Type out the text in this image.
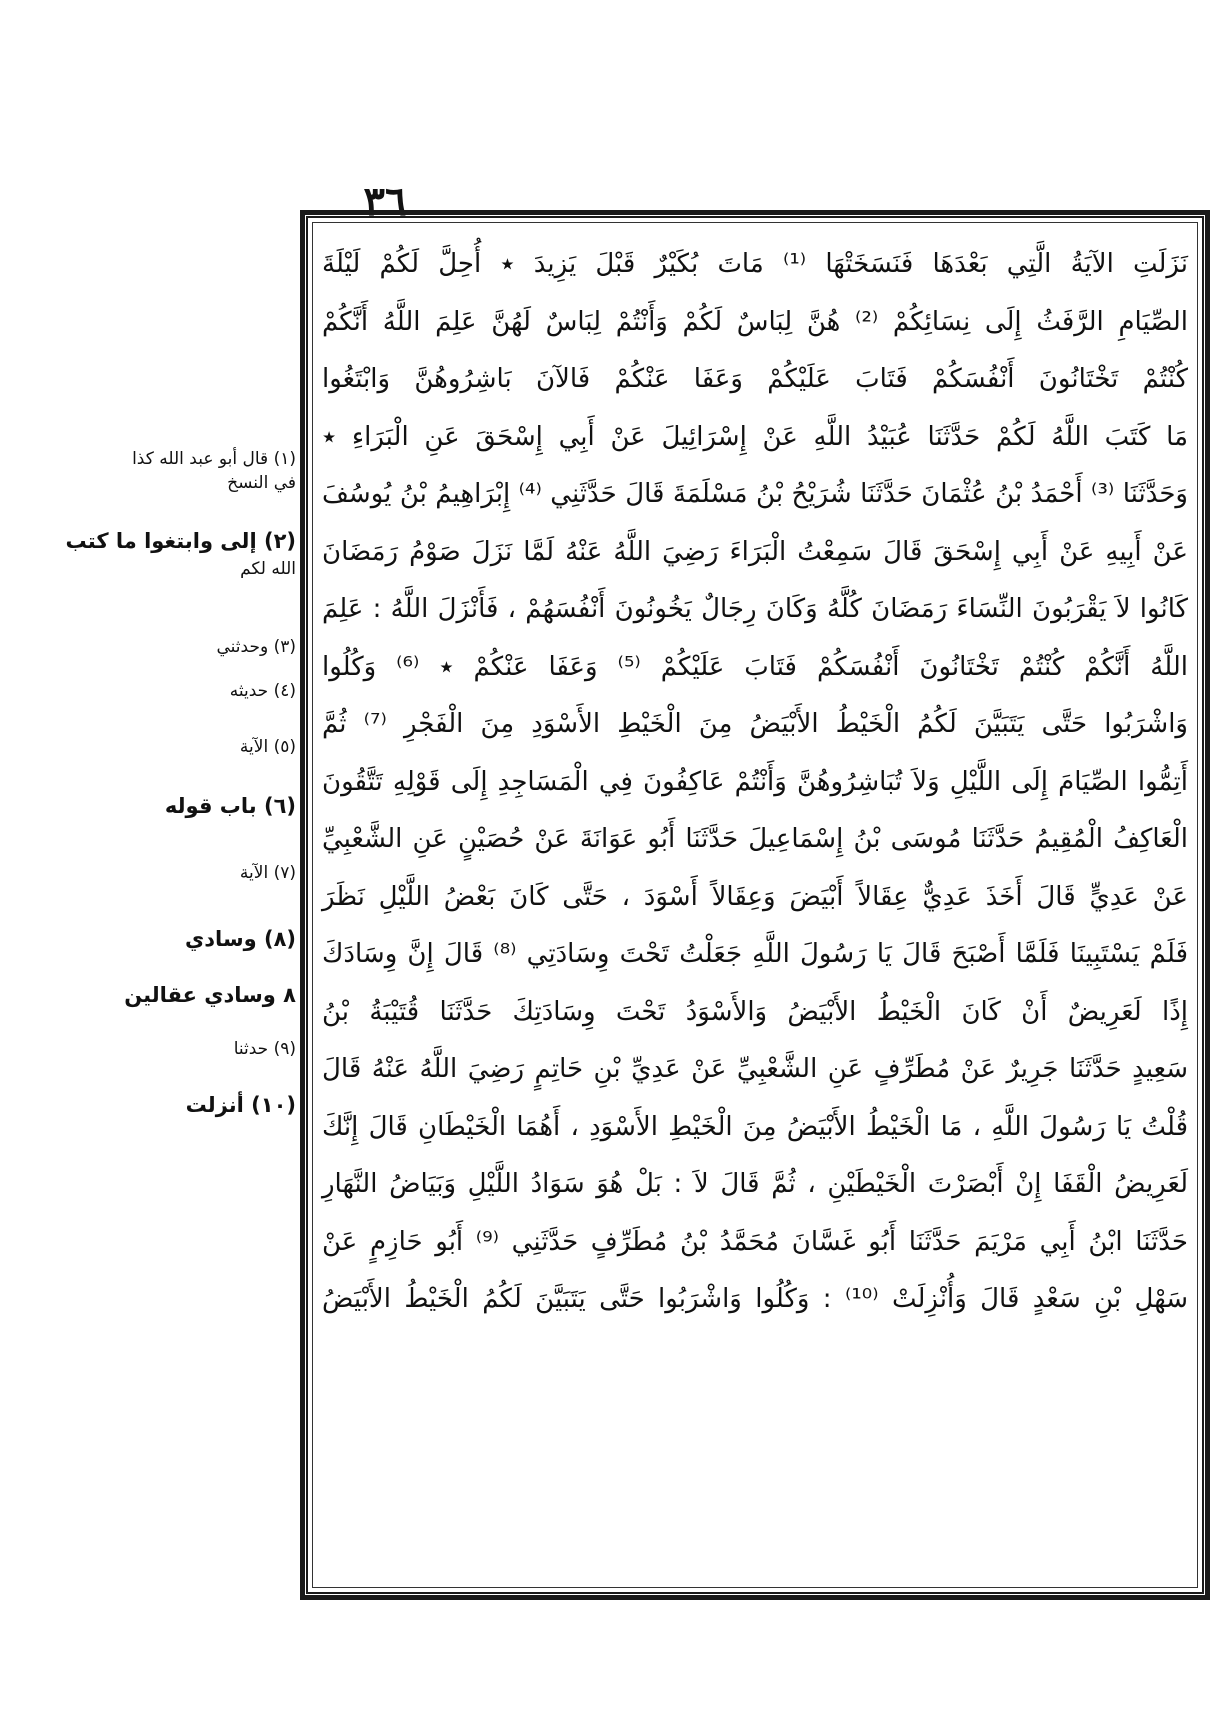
٣٦
نَزَلَتِ الآيَةُ الَّتِي بَعْدَهَا فَنَسَخَتْهَا ⁽¹⁾ مَاتَ بُكَيْرٌ قَبْلَ يَزِيدَ ٭ أُحِلَّ لَكُمْ لَيْلَةَ
الصِّيَامِ الرَّفَثُ إِلَى نِسَائِكُمْ ⁽²⁾ هُنَّ لِبَاسٌ لَكُمْ وَأَنْتُمْ لِبَاسٌ لَهُنَّ عَلِمَ اللَّهُ أَنَّكُمْ
كُنْتُمْ تَخْتَانُونَ أَنْفُسَكُمْ فَتَابَ عَلَيْكُمْ وَعَفَا عَنْكُمْ فَالآنَ بَاشِرُوهُنَّ وَابْتَغُوا
مَا كَتَبَ اللَّهُ لَكُمْ حَدَّثَنَا عُبَيْدُ اللَّهِ عَنْ إِسْرَائِيلَ عَنْ أَبِي إِسْحَقَ عَنِ الْبَرَاءِ ٭
وَحَدَّثَنَا ⁽³⁾ أَحْمَدُ بْنُ عُثْمَانَ حَدَّثَنَا شُرَيْحُ بْنُ مَسْلَمَةَ قَالَ حَدَّثَنِي ⁽⁴⁾ إِبْرَاهِيمُ بْنُ يُوسُفَ
عَنْ أَبِيهِ عَنْ أَبِي إِسْحَقَ قَالَ سَمِعْتُ الْبَرَاءَ رَضِيَ اللَّهُ عَنْهُ لَمَّا نَزَلَ صَوْمُ رَمَضَانَ
كَانُوا لاَ يَقْرَبُونَ النِّسَاءَ رَمَضَانَ كُلَّهُ وَكَانَ رِجَالٌ يَخُونُونَ أَنْفُسَهُمْ ، فَأَنْزَلَ اللَّهُ : عَلِمَ
اللَّهُ أَنَّكُمْ كُنْتُمْ تَخْتَانُونَ أَنْفُسَكُمْ فَتَابَ عَلَيْكُمْ ⁽⁵⁾ وَعَفَا عَنْكُمْ ٭ ⁽⁶⁾ وَكُلُوا
وَاشْرَبُوا حَتَّى يَتَبَيَّنَ لَكُمُ الْخَيْطُ الأَبْيَضُ مِنَ الْخَيْطِ الأَسْوَدِ مِنَ الْفَجْرِ ⁽⁷⁾ ثُمَّ
أَتِمُّوا الصِّيَامَ إِلَى اللَّيْلِ وَلاَ تُبَاشِرُوهُنَّ وَأَنْتُمْ عَاكِفُونَ فِي الْمَسَاجِدِ إِلَى قَوْلِهِ تَتَّقُونَ
الْعَاكِفُ الْمُقِيمُ حَدَّثَنَا مُوسَى بْنُ إِسْمَاعِيلَ حَدَّثَنَا أَبُو عَوَانَةَ عَنْ حُصَيْنٍ عَنِ الشَّعْبِيِّ
عَنْ عَدِيٍّ قَالَ أَخَذَ عَدِيٌّ عِقَالاً أَبْيَضَ وَعِقَالاً أَسْوَدَ ، حَتَّى كَانَ بَعْضُ اللَّيْلِ نَظَرَ
فَلَمْ يَسْتَبِينَا فَلَمَّا أَصْبَحَ قَالَ يَا رَسُولَ اللَّهِ جَعَلْتُ تَحْتَ وِسَادَتِي ⁽⁸⁾ قَالَ إِنَّ وِسَادَكَ
إِذًا لَعَرِيضٌ أَنْ كَانَ الْخَيْطُ الأَبْيَضُ وَالأَسْوَدُ تَحْتَ وِسَادَتِكَ حَدَّثَنَا قُتَيْبَةُ بْنُ
سَعِيدٍ حَدَّثَنَا جَرِيرٌ عَنْ مُطَرِّفٍ عَنِ الشَّعْبِيِّ عَنْ عَدِيِّ بْنِ حَاتِمٍ رَضِيَ اللَّهُ عَنْهُ قَالَ
قُلْتُ يَا رَسُولَ اللَّهِ ، مَا الْخَيْطُ الأَبْيَضُ مِنَ الْخَيْطِ الأَسْوَدِ ، أَهُمَا الْخَيْطَانِ قَالَ إِنَّكَ
لَعَرِيضُ الْقَفَا إِنْ أَبْصَرْتَ الْخَيْطَيْنِ ، ثُمَّ قَالَ لاَ : بَلْ هُوَ سَوَادُ اللَّيْلِ وَبَيَاضُ النَّهَارِ
حَدَّثَنَا ابْنُ أَبِي مَرْيَمَ حَدَّثَنَا أَبُو غَسَّانَ مُحَمَّدُ بْنُ مُطَرِّفٍ حَدَّثَنِي ⁽⁹⁾ أَبُو حَازِمٍ عَنْ
سَهْلِ بْنِ سَعْدٍ قَالَ وَأُنْزِلَتْ ⁽¹⁰⁾ : وَكُلُوا وَاشْرَبُوا حَتَّى يَتَبَيَّنَ لَكُمُ الْخَيْطُ الأَبْيَضُ
(١) قال أبو عبد الله كذا
في النسخ
(٢) إلى وابتغوا ما كتب
الله لكم
(٣) وحدثني
(٤) حديثه
(٥) الآية
(٦) باب قوله
(٧) الآية
(٨) وسادي
٨ وسادي عقالين
(٩) حدثنا
(١٠) أنزلت
